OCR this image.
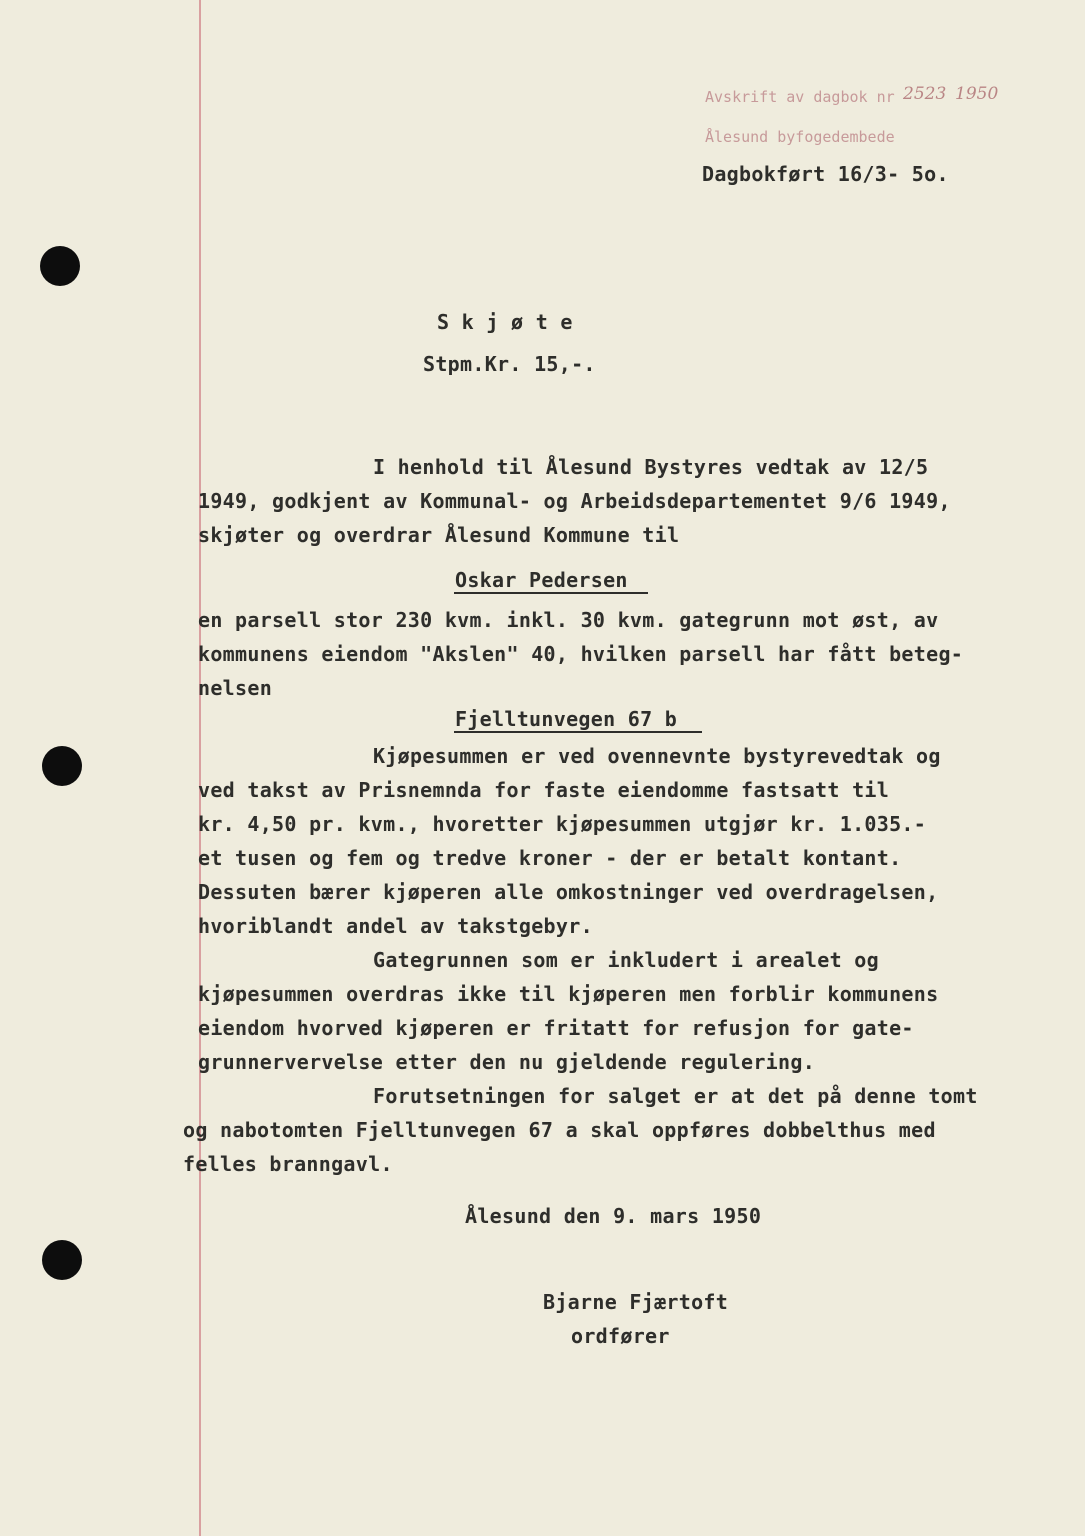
Avskrift av dagbok nr 2523 1950
Ålesund byfogedembede
Dagbokført 16/3- 5o.
S k j ø t e
Stpm.Kr. 15,-.
I henhold til Ålesund Bystyres vedtak av 12/5
1949, godkjent av Kommunal- og Arbeidsdepartementet 9/6 1949,
skjøter og overdrar Ålesund Kommune til
Oskar Pedersen
en parsell stor 230 kvm. inkl. 30 kvm. gategrunn mot øst, av
kommunens eiendom "Akslen" 40, hvilken parsell har fått beteg-
nelsen
Fjelltunvegen 67 b
Kjøpesummen er ved ovennevnte bystyrevedtak og
ved takst av Prisnemnda for faste eiendomme fastsatt til
kr. 4,50 pr. kvm., hvoretter kjøpesummen utgjør kr. 1.035.-
et tusen og fem og tredve kroner - der er betalt kontant.
Dessuten bærer kjøperen alle omkostninger ved overdragelsen,
hvoriblandt andel av takstgebyr.
Gategrunnen som er inkludert i arealet og
kjøpesummen overdras ikke til kjøperen men forblir kommunens
eiendom hvorved kjøperen er fritatt for refusjon for gate-
grunnervervelse etter den nu gjeldende regulering.
Forutsetningen for salget er at det på denne tomt
og nabotomten Fjelltunvegen 67 a skal oppføres dobbelthus med
felles branngavl.
Ålesund den 9. mars 1950
Bjarne Fjærtoft
ordfører
